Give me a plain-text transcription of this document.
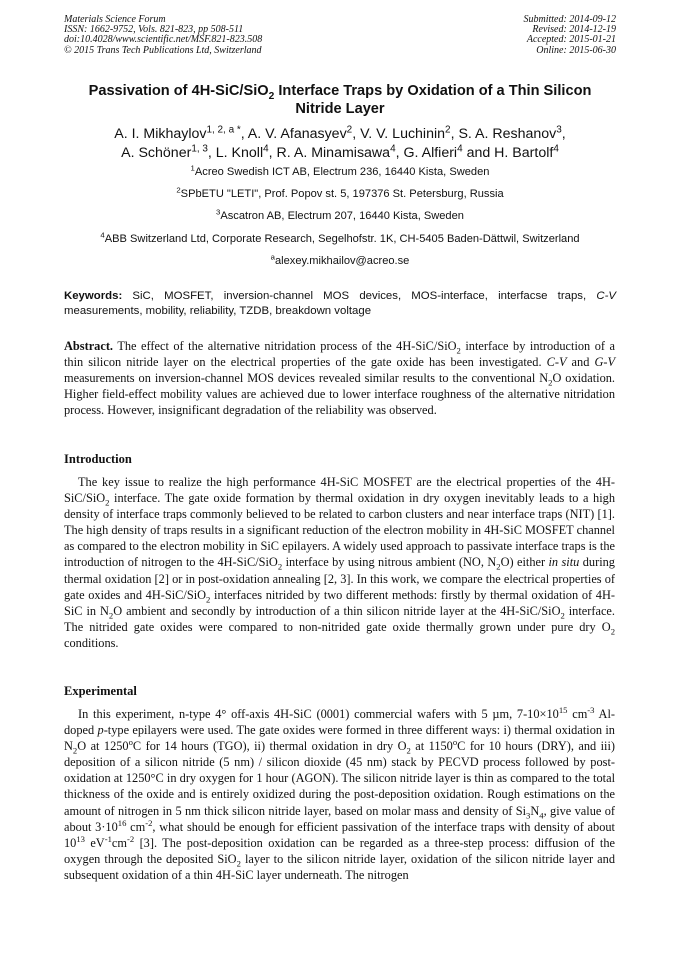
Materials Science Forum
ISSN: 1662-9752, Vols. 821-823, pp 508-511
doi:10.4028/www.scientific.net/MSF.821-823.508
© 2015 Trans Tech Publications Ltd, Switzerland
Submitted: 2014-09-12
Revised: 2014-12-19
Accepted: 2015-01-21
Online: 2015-06-30
Passivation of 4H-SiC/SiO$_2$ Interface Traps by Oxidation of a Thin Silicon Nitride Layer
A. I. Mikhaylov$^{1, 2, a *}$, A. V. Afanasyev$^2$, V. V. Luchinin$^2$, S. A. Reshanov$^3$,
A. Schöner$^{1, 3}$, L. Knoll$^4$, R. A. Minamisawa$^4$, G. Alfieri$^4$ and H. Bartolf$^4$
$^1$Acreo Swedish ICT AB, Electrum 236, 16440 Kista, Sweden
$^2$SPbETU "LETI", Prof. Popov st. 5, 197376 St. Petersburg, Russia
$^3$Ascatron AB, Electrum 207, 16440 Kista, Sweden
$^4$ABB Switzerland Ltd, Corporate Research, Segelhofstr. 1K, CH-5405 Baden-Dättwil, Switzerland
$^a$alexey.mikhailov@acreo.se
Keywords: SiC, MOSFET, inversion-channel MOS devices, MOS-interface, interfacse traps, C-V measurements, mobility, reliability, TZDB, breakdown voltage
Abstract. The effect of the alternative nitridation process of the 4H-SiC/SiO$_2$ interface by introduction of a thin silicon nitride layer on the electrical properties of the gate oxide has been investigated. C-V and G-V measurements on inversion-channel MOS devices revealed similar results to the conventional $N_2O$ oxidation. Higher field-effect mobility values are achieved due to lower interface roughness of the alternative nitridation process. However, insignificant degradation of the reliability was observed.
Introduction
The key issue to realize the high performance 4H-SiC MOSFET are the electrical properties of the 4H-SiC/SiO$_2$ interface. The gate oxide formation by thermal oxidation in dry oxygen inevitably leads to a high density of interface traps commonly believed to be related to carbon clusters and near interface traps (NIT) [1]. The high density of traps results in a significant reduction of the electron mobility in 4H-SiC MOSFET channel as compared to the electron mobility in SiC epilayers. A widely used approach to passivate interface traps is the introduction of nitrogen to the 4H-SiC/SiO$_2$ interface by using nitrous ambient (NO, $N_2O$) either in situ during thermal oxidation [2] or in post-oxidation annealing [2, 3]. In this work, we compare the electrical properties of gate oxides and 4H-SiC/SiO$_2$ interfaces nitrided by two different methods: firstly by thermal oxidation of 4H-SiC in $N_2O$ ambient and secondly by introduction of a thin silicon nitride layer at the 4H-SiC/SiO$_2$ interface. The nitrided gate oxides were compared to non-nitrided gate oxide thermally grown under pure dry $O_2$ conditions.
Experimental
In this experiment, n-type 4° off-axis 4H-SiC (0001) commercial wafers with 5 µm, $7-10\times 10^{15}$ $cm^{-3}$ Al-doped p-type epilayers were used. The gate oxides were formed in three different ways: i) thermal oxidation in $N_2O$ at 1250$^o$C for 14 hours (TGO), ii) thermal oxidation in dry $O_2$ at 1150$^o$C for 10 hours (DRY), and iii) deposition of a silicon nitride (5 nm) / silicon dioxide (45 nm) stack by PECVD process followed by post-oxidation at 1250°C in dry oxygen for 1 hour (AGON). The silicon nitride layer is thin as compared to the total thickness of the oxide and is entirely oxidized during the post-deposition oxidation. Rough estimations on the amount of nitrogen in 5 nm thick silicon nitride layer, based on molar mass and density of $Si_3N_4$, give value of about $3\cdot 10^{16}$ $cm^{-2}$, what should be enough for efficient passivation of the interface traps with density of about $10^{13}$ $eV^{-1}cm^{-2}$ [3]. The post-deposition oxidation can be regarded as a three-step process: diffusion of the oxygen through the deposited SiO$_2$ layer to the silicon nitride layer, oxidation of the silicon nitride layer and subsequent oxidation of a thin 4H-SiC layer underneath. The nitrogen
